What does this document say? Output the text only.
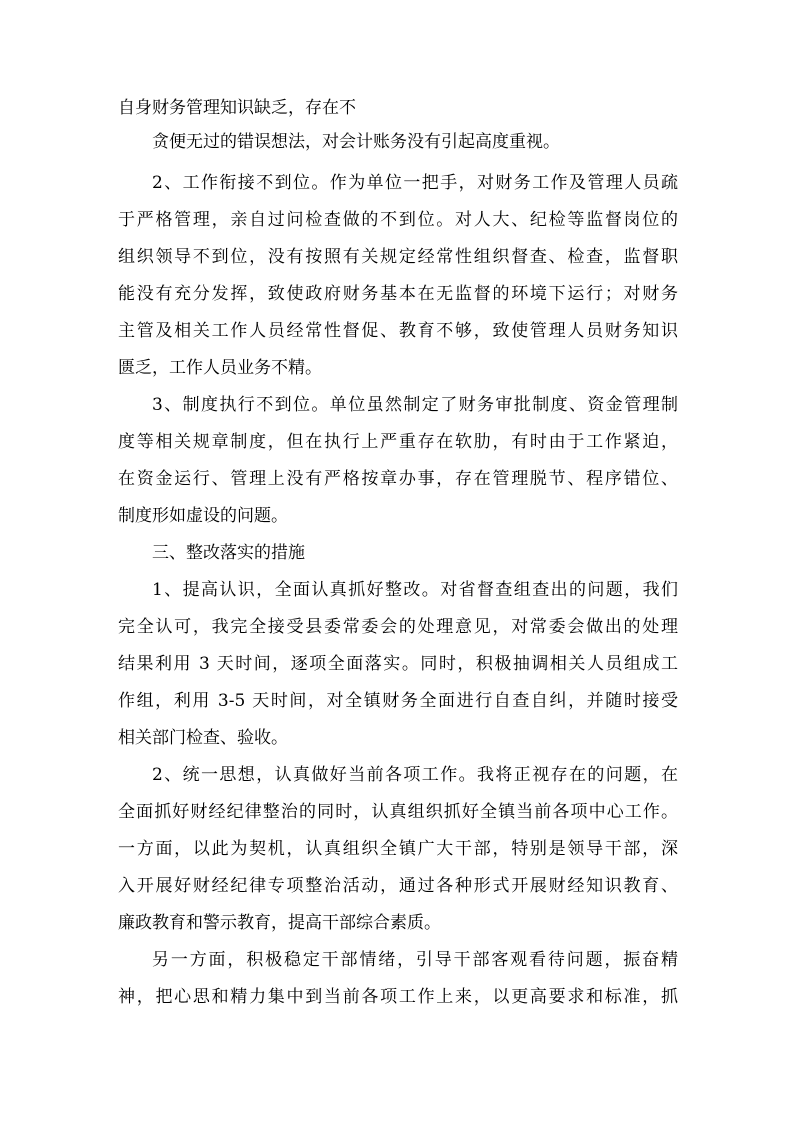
自身财务管理知识缺乏，存在不
贪便无过的错误想法，对会计账务没有引起高度重视。
2、工作衔接不到位。作为单位一把手，对财务工作及管理人员疏
于严格管理，亲自过问检查做的不到位。对人大、纪检等监督岗位的
组织领导不到位，没有按照有关规定经常性组织督查、检查，监督职
能没有充分发挥，致使政府财务基本在无监督的环境下运行；对财务
主管及相关工作人员经常性督促、教育不够，致使管理人员财务知识
匮乏，工作人员业务不精。
3、制度执行不到位。单位虽然制定了财务审批制度、资金管理制
度等相关规章制度，但在执行上严重存在软肋，有时由于工作紧迫，
在资金运行、管理上没有严格按章办事，存在管理脱节、程序错位、
制度形如虚设的问题。
三、整改落实的措施
1、提高认识，全面认真抓好整改。对省督查组查出的问题，我们
完全认可，我完全接受县委常委会的处理意见，对常委会做出的处理
结果利用 3 天时间，逐项全面落实。同时，积极抽调相关人员组成工
作组，利用 3-5 天时间，对全镇财务全面进行自查自纠，并随时接受
相关部门检查、验收。
2、统一思想，认真做好当前各项工作。我将正视存在的问题，在
全面抓好财经纪律整治的同时，认真组织抓好全镇当前各项中心工作。
一方面，以此为契机，认真组织全镇广大干部，特别是领导干部，深
入开展好财经纪律专项整治活动，通过各种形式开展财经知识教育、
廉政教育和警示教育，提高干部综合素质。
另一方面，积极稳定干部情绪，引导干部客观看待问题，振奋精
神，把心思和精力集中到当前各项工作上来，以更高要求和标准，抓
